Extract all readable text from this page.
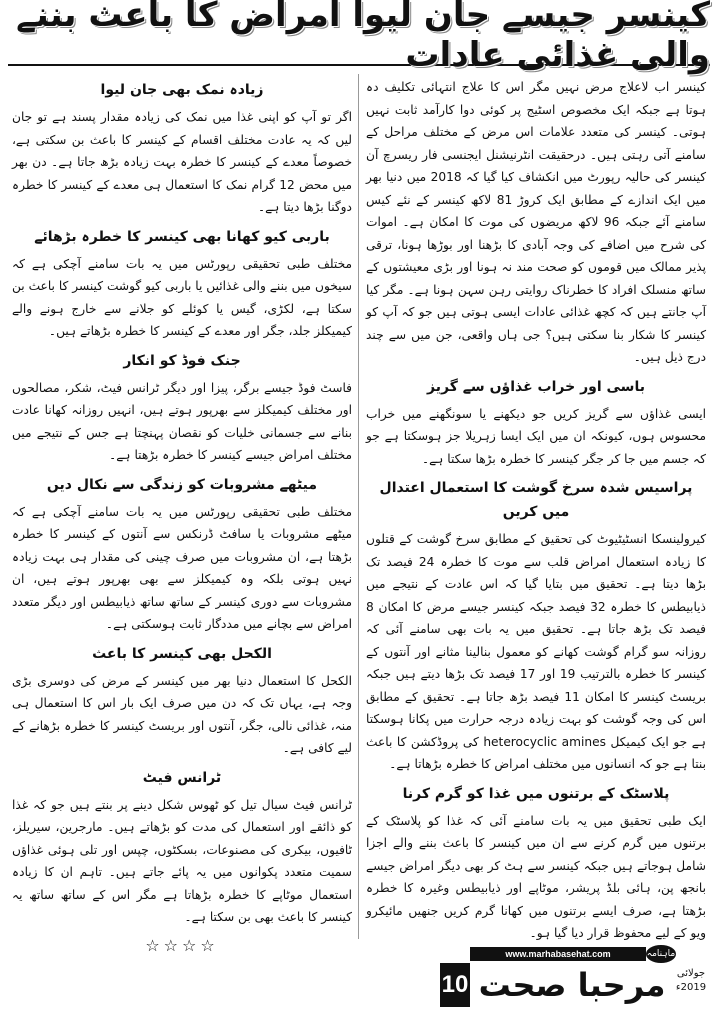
کینسر جیسے جان لیوا امراض کا باعث بننے والی غذائی عادات

کینسر اب لاعلاج مرض نہیں مگر اس کا علاج انتہائی تکلیف دہ ہوتا ہے جبکہ ایک مخصوص اسٹیج پر کوئی دوا کارآمد ثابت نہیں ہوتی۔ کینسر کی متعدد علامات اس مرض کے مختلف مراحل کے سامنے آتی رہتی ہیں۔ درحقیقت انٹرنیشنل ایجنسی فار ریسرچ آن کینسر کی حالیہ رپورٹ میں انکشاف کیا گیا کہ 2018 میں دنیا بھر میں ایک اندازے کے مطابق ایک کروڑ 81 لاکھ کینسر کے نئے کیس سامنے آئے جبکہ 96 لاکھ مریضوں کی موت کا امکان ہے۔ اموات کی شرح میں اضافے کی وجہ آبادی کا بڑھنا اور بوڑھا ہونا، ترقی پذیر ممالک میں قوموں کو صحت مند نہ ہونا اور بڑی معیشتوں کے ساتھ منسلک افراد کا خطرناک روایتی رہن سہن ہونا ہے۔ مگر کیا آپ جانتے ہیں کہ کچھ غذائی عادات ایسی ہوتی ہیں جو کہ آپ کو کینسر کا شکار بنا سکتی ہیں؟ جی ہاں واقعی، جن میں سے چند درج ذیل ہیں۔

باسی اور خراب غذاؤں سے گریز

ایسی غذاؤں سے گریز کریں جو دیکھنے یا سونگھنے میں خراب محسوس ہوں، کیونکہ ان میں ایک ایسا زہریلا جز ہوسکتا ہے جو کہ جسم میں جا کر جگر کینسر کا خطرہ بڑھا سکتا ہے۔

پراسیس شدہ سرخ گوشت کا استعمال اعتدال میں کریں

کیرولینسکا انسٹیٹیوٹ کی تحقیق کے مطابق سرخ گوشت کے قتلوں کا زیادہ استعمال امراض قلب سے موت کا خطرہ 24 فیصد تک بڑھا دیتا ہے۔ تحقیق میں بتایا گیا کہ اس عادت کے نتیجے میں ذیابیطس کا خطرہ 32 فیصد جبکہ کینسر جیسے مرض کا امکان 8 فیصد تک بڑھ جاتا ہے۔ تحقیق میں یہ بات بھی سامنے آئی کہ روزانہ سو گرام گوشت کھانے کو معمول بنالینا مثانے اور آنتوں کے کینسر کا خطرہ بالترتیب 19 اور 17 فیصد تک بڑھا دیتے ہیں جبکہ بریسٹ کینسر کا امکان 11 فیصد بڑھ جاتا ہے۔ تحقیق کے مطابق اس کی وجہ گوشت کو بہت زیادہ درجہ حرارت میں پکانا ہوسکتا ہے جو ایک کیمیکل heterocyclic amines کی پروڈکشن کا باعث بنتا ہے جو کہ انسانوں میں مختلف امراض کا خطرہ بڑھاتا ہے۔

پلاسٹک کے برتنوں میں غذا کو گرم کرنا

ایک طبی تحقیق میں یہ بات سامنے آئی کہ غذا کو پلاسٹک کے برتنوں میں گرم کرنے سے ان میں کینسر کا باعث بننے والے اجزا شامل ہوجاتے ہیں جبکہ کینسر سے ہٹ کر بھی دیگر امراض جیسے بانجھ پن، ہائی بلڈ پریشر، موٹاپے اور ذیابیطس وغیرہ کا خطرہ بڑھتا ہے، صرف ایسے برتنوں میں کھانا گرم کریں جنھیں مائیکرو ویو کے لیے محفوظ قرار دیا گیا ہو۔

زیادہ نمک بھی جان لیوا

اگر تو آپ کو اپنی غذا میں نمک کی زیادہ مقدار پسند ہے تو جان لیں کہ یہ عادت مختلف اقسام کے کینسر کا باعث بن سکتی ہے، خصوصاً معدے کے کینسر کا خطرہ بہت زیادہ بڑھ جاتا ہے۔ دن بھر میں محض 12 گرام نمک کا استعمال ہی معدے کے کینسر کا خطرہ دوگنا بڑھا دیتا ہے۔

باربی کیو کھانا بھی کینسر کا خطرہ بڑھائے

مختلف طبی تحقیقی رپورٹس میں یہ بات سامنے آچکی ہے کہ سیخوں میں بننے والی غذائیں یا باربی کیو گوشت کینسر کا باعث بن سکتا ہے، لکڑی، گیس یا کوئلے کو جلانے سے خارج ہونے والے کیمیکلز جلد، جگر اور معدے کے کینسر کا خطرہ بڑھاتے ہیں۔

جنک فوڈ کو انکار

فاسٹ فوڈ جیسے برگر، پیزا اور دیگر ٹرانس فیٹ، شکر، مصالحوں اور مختلف کیمیکلز سے بھرپور ہوتے ہیں، انہیں روزانہ کھانا عادت بنانے سے جسمانی خلیات کو نقصان پہنچتا ہے جس کے نتیجے میں مختلف امراض جیسے کینسر کا خطرہ بڑھتا ہے۔

میٹھے مشروبات کو زندگی سے نکال دیں

مختلف طبی تحقیقی رپورٹس میں یہ بات سامنے آچکی ہے کہ میٹھے مشروبات یا سافٹ ڈرنکس سے آنتوں کے کینسر کا خطرہ بڑھتا ہے، ان مشروبات میں صرف چینی کی مقدار ہی بہت زیادہ نہیں ہوتی بلکہ وہ کیمیکلز سے بھی بھرپور ہوتے ہیں، ان مشروبات سے دوری کینسر کے ساتھ ساتھ ذیابیطس اور دیگر متعدد امراض سے بچانے میں مددگار ثابت ہوسکتی ہے۔

الکحل بھی کینسر کا باعث

الکحل کا استعمال دنیا بھر میں کینسر کے مرض کی دوسری بڑی وجہ ہے، یہاں تک کہ دن میں صرف ایک بار اس کا استعمال ہی منہ، غذائی نالی، جگر، آنتوں اور بریسٹ کینسر کا خطرہ بڑھانے کے لیے کافی ہے۔

ٹرانس فیٹ

ٹرانس فیٹ سیال تیل کو ٹھوس شکل دینے پر بنتے ہیں جو کہ غذا کو ذائقے اور استعمال کی مدت کو بڑھاتے ہیں۔ مارجرین، سیریلز، ٹافیوں، بیکری کی مصنوعات، بسکٹوں، چپس اور تلی ہوئی غذاؤں سمیت متعدد پکوانوں میں یہ پائے جاتے ہیں۔ تاہم ان کا زیادہ استعمال موٹاپے کا خطرہ بڑھاتا ہے مگر اس کے ساتھ ساتھ یہ کینسر کا باعث بھی بن سکتا ہے۔

☆☆☆☆	www.marhabasehat.com
10 مرحبا صحت
ماہنامہ
جولائی 2019ء
